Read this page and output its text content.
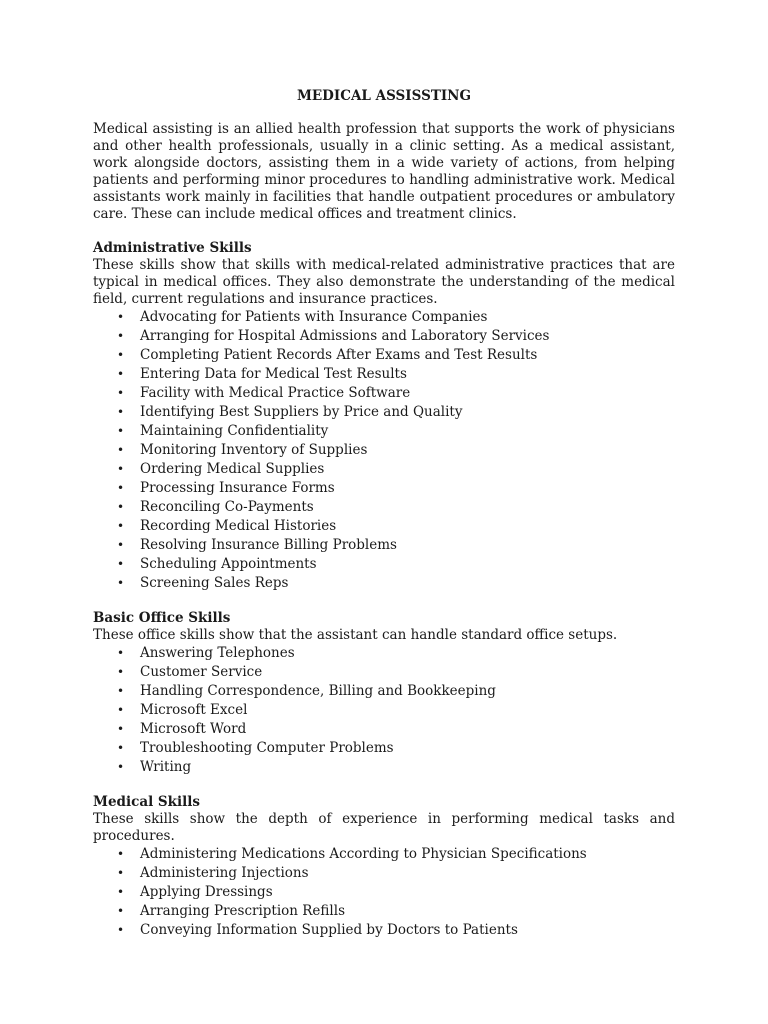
MEDICAL ASSISSTING

Medical assisting is an allied health profession that supports the work of physicians and other health professionals, usually in a clinic setting. As a medical assistant, work alongside doctors, assisting them in a wide variety of actions, from helping patients and performing minor procedures to handling administrative work. Medical assistants work mainly in facilities that handle outpatient procedures or ambulatory care. These can include medical offices and treatment clinics.

Administrative Skills

These skills show that skills with medical-related administrative practices that are typical in medical offices. They also demonstrate the understanding of the medical field, current regulations and insurance practices.

• Advocating for Patients with Insurance Companies
• Arranging for Hospital Admissions and Laboratory Services
• Completing Patient Records After Exams and Test Results
• Entering Data for Medical Test Results
• Facility with Medical Practice Software
• Identifying Best Suppliers by Price and Quality
• Maintaining Confidentiality
• Monitoring Inventory of Supplies
• Ordering Medical Supplies
• Processing Insurance Forms
• Reconciling Co-Payments
• Recording Medical Histories
• Resolving Insurance Billing Problems
• Scheduling Appointments
• Screening Sales Reps
Basic Office Skills

These office skills show that the assistant can handle standard office setups.

• Answering Telephones
• Customer Service
• Handling Correspondence, Billing and Bookkeeping
• Microsoft Excel
• Microsoft Word
• Troubleshooting Computer Problems
• Writing
Medical Skills

These skills show the depth of experience in performing medical tasks and procedures.

• Administering Medications According to Physician Specifications
• Administering Injections
• Applying Dressings
• Arranging Prescription Refills
• Conveying Information Supplied by Doctors to Patients
